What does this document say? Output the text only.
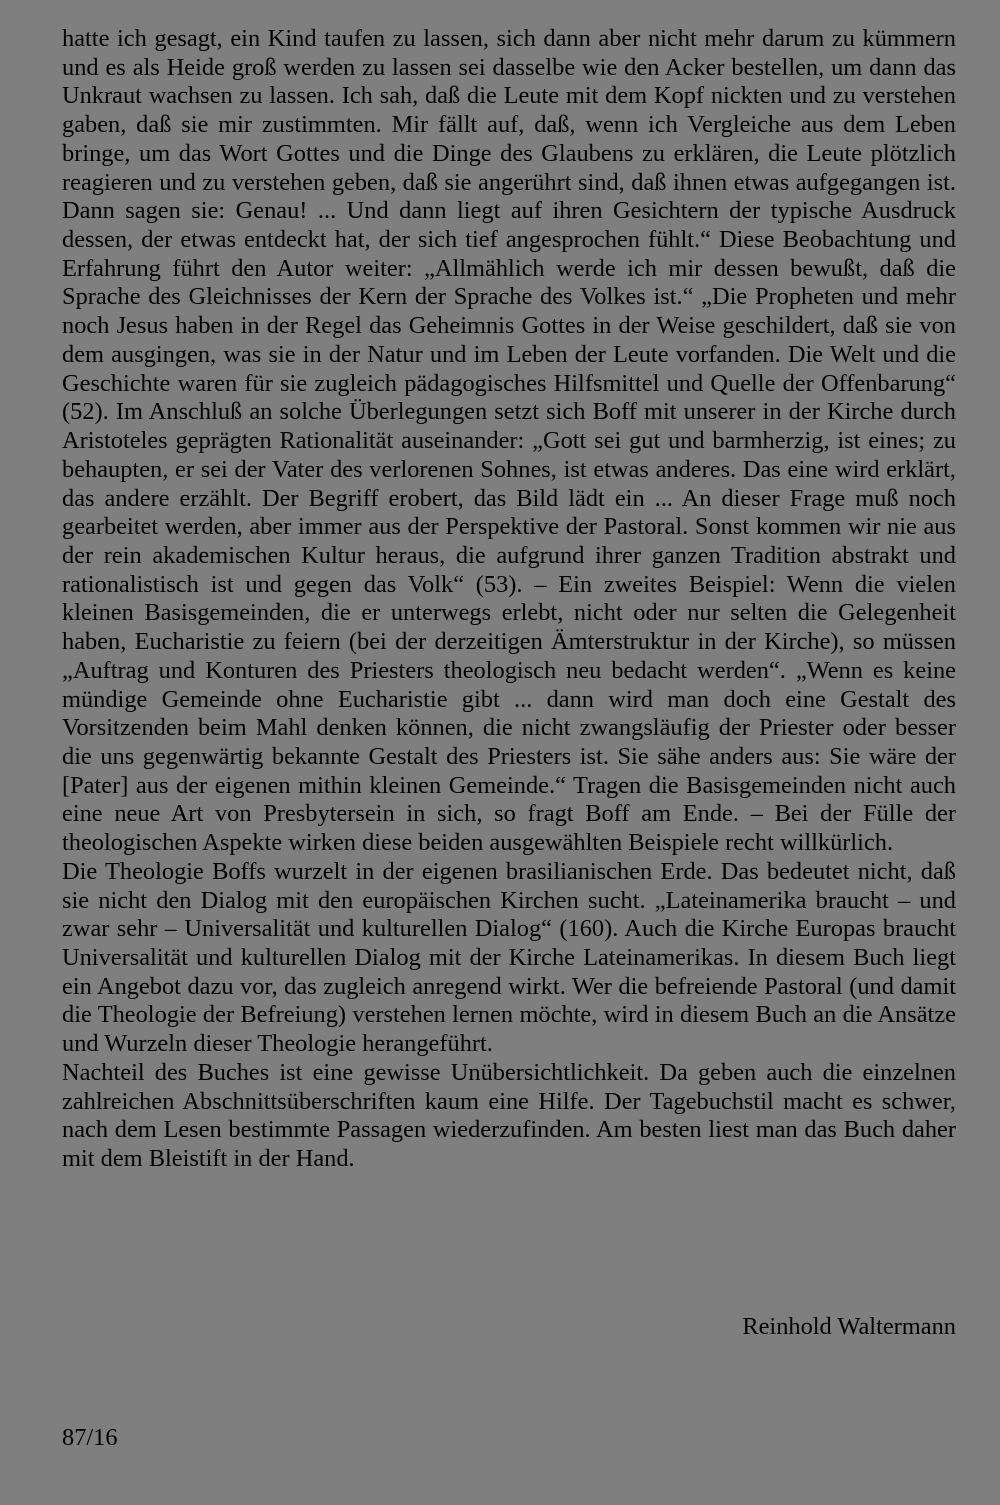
hatte ich gesagt, ein Kind taufen zu lassen, sich dann aber nicht mehr darum zu kümmern und es als Heide groß werden zu lassen sei dasselbe wie den Acker bestellen, um dann das Unkraut wachsen zu lassen. Ich sah, daß die Leute mit dem Kopf nickten und zu verstehen gaben, daß sie mir zustimmten. Mir fällt auf, daß, wenn ich Vergleiche aus dem Leben bringe, um das Wort Gottes und die Dinge des Glaubens zu erklären, die Leute plötzlich reagieren und zu verstehen geben, daß sie angerührt sind, daß ihnen etwas aufgegangen ist. Dann sagen sie: Genau! ... Und dann liegt auf ihren Gesichtern der typische Ausdruck dessen, der etwas entdeckt hat, der sich tief angesprochen fühlt.“ Diese Beobachtung und Erfahrung führt den Autor weiter: „Allmählich werde ich mir dessen bewußt, daß die Sprache des Gleichnisses der Kern der Sprache des Volkes ist.“ „Die Propheten und mehr noch Jesus haben in der Regel das Geheimnis Gottes in der Weise geschildert, daß sie von dem ausgingen, was sie in der Natur und im Leben der Leute vorfanden. Die Welt und die Geschichte waren für sie zugleich pädagogisches Hilfsmittel und Quelle der Offenbarung“ (52). Im Anschluß an solche Überlegungen setzt sich Boff mit unserer in der Kirche durch Aristoteles geprägten Rationalität auseinander: „Gott sei gut und barmherzig, ist eines; zu behaupten, er sei der Vater des verlorenen Sohnes, ist etwas anderes. Das eine wird erklärt, das andere erzählt. Der Begriff erobert, das Bild lädt ein ... An dieser Frage muß noch gearbeitet werden, aber immer aus der Perspektive der Pastoral. Sonst kommen wir nie aus der rein akademischen Kultur heraus, die aufgrund ihrer ganzen Tradition abstrakt und rationalistisch ist und gegen das Volk“ (53). – Ein zweites Beispiel: Wenn die vielen kleinen Basisgemeinden, die er unterwegs erlebt, nicht oder nur selten die Gelegenheit haben, Eucharistie zu feiern (bei der derzeitigen Ämterstruktur in der Kirche), so müssen „Auftrag und Konturen des Priesters theologisch neu bedacht werden“. „Wenn es keine mündige Gemeinde ohne Eucharistie gibt ... dann wird man doch eine Gestalt des Vorsitzenden beim Mahl denken können, die nicht zwangsläufig der Priester oder besser die uns gegenwärtig bekannte Gestalt des Priesters ist. Sie sähe anders aus: Sie wäre der [Pater] aus der eigenen mithin kleinen Gemeinde.“ Tragen die Basisgemeinden nicht auch eine neue Art von Presbytersein in sich, so fragt Boff am Ende. – Bei der Fülle der theologischen Aspekte wirken diese beiden ausgewählten Beispiele recht willkürlich.

Die Theologie Boffs wurzelt in der eigenen brasilianischen Erde. Das bedeutet nicht, daß sie nicht den Dialog mit den europäischen Kirchen sucht. „Lateinamerika braucht – und zwar sehr – Universalität und kulturellen Dialog“ (160). Auch die Kirche Europas braucht Universalität und kulturellen Dialog mit der Kirche Lateinamerikas. In diesem Buch liegt ein Angebot dazu vor, das zugleich anregend wirkt. Wer die befreiende Pastoral (und damit die Theologie der Befreiung) verstehen lernen möchte, wird in diesem Buch an die Ansätze und Wurzeln dieser Theologie herangeführt.

Nachteil des Buches ist eine gewisse Unübersichtlichkeit. Da geben auch die einzelnen zahlreichen Abschnittsüberschriften kaum eine Hilfe. Der Tagebuchstil macht es schwer, nach dem Lesen bestimmte Passagen wiederzufinden. Am besten liest man das Buch daher mit dem Bleistift in der Hand.

Reinhold Waltermann
87/16
